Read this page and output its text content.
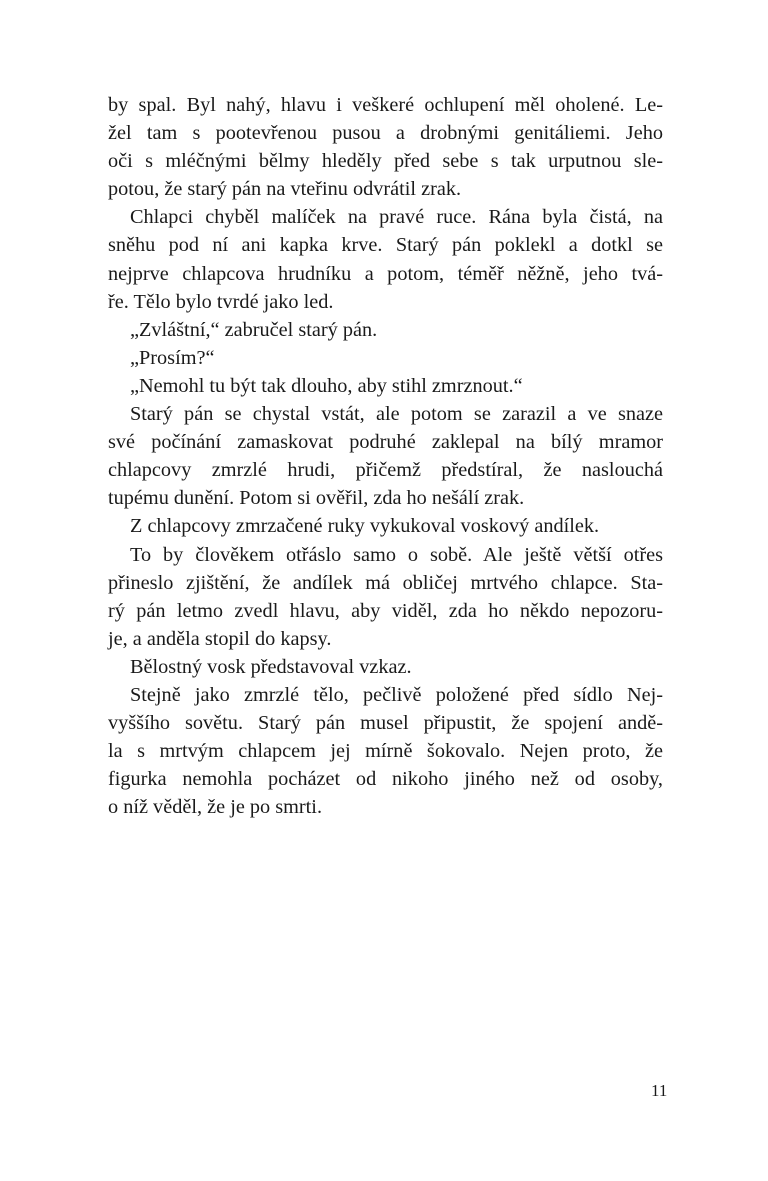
by spal. Byl nahý, hlavu i veškeré ochlupení měl oholené. Le-
žel tam s pootevřenou pusou a drobnými genitáliemi. Jeho
oči s mléčnými bělmy hleděly před sebe s tak urputnou sle-
potou, že starý pán na vteřinu odvrátil zrak.
Chlapci chyběl malíček na pravé ruce. Rána byla čistá, na
sněhu pod ní ani kapka krve. Starý pán poklekl a dotkl se
nejprve chlapcova hrudníku a potom, téměř něžně, jeho tvá-
ře. Tělo bylo tvrdé jako led.
„Zvláštní,“ zabručel starý pán.
„Prosím?“
„Nemohl tu být tak dlouho, aby stihl zmrznout.“
Starý pán se chystal vstát, ale potom se zarazil a ve snaze
své počínání zamaskovat podruhé zaklepal na bílý mramor
chlapcovy zmrzlé hrudi, přičemž předstíral, že naslouchá
tupému dunění. Potom si ověřil, zda ho nešálí zrak.
Z chlapcovy zmrzačené ruky vykukoval voskový andílek.
To by člověkem otřáslo samo o sobě. Ale ještě větší otřes
přineslo zjištění, že andílek má obličej mrtvého chlapce. Sta-
rý pán letmo zvedl hlavu, aby viděl, zda ho někdo nepozoru-
je, a anděla stopil do kapsy.
Bělostný vosk představoval vzkaz.
Stejně jako zmrzlé tělo, pečlivě položené před sídlo Nej-
vyššího sovětu. Starý pán musel připustit, že spojení andě-
la s mrtvým chlapcem jej mírně šokovalo. Nejen proto, že
figurka nemohla pocházet od nikoho jiného než od osoby,
o níž věděl, že je po smrti.
11
